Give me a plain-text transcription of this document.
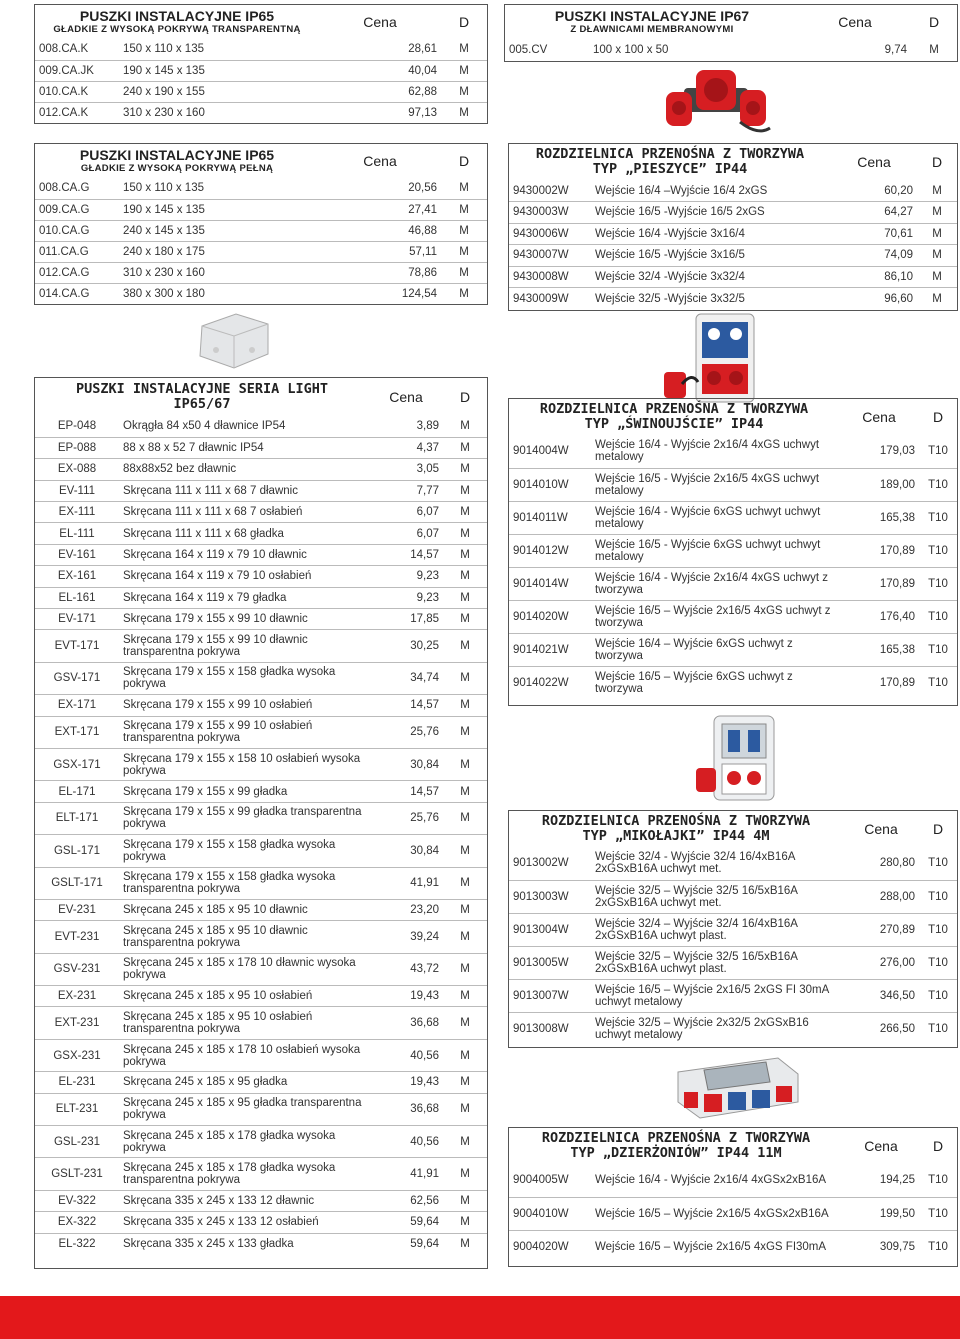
PUSZKI INSTALACYJNE IP65
GŁADKIE Z WYSOKĄ POKRYWĄ TRANSPARENTNĄ		Cena	D
008.CA.K	150 x 110 x 135	28,61	M
009.CA.JK	190 x 145 x 135	40,04	M
010.CA.K	240 x 190 x 155	62,88	M
012.CA.K	310 x 230 x 160	97,13	M
PUSZKI INSTALACYJNE IP67
Z DŁAWNICAMI MEMBRANOWYMI		Cena	D
005.CV	100 x 100 x 50	9,74	M
PUSZKI INSTALACYJNE IP65
GŁADKIE Z WYSOKĄ POKRYWĄ PEŁNĄ		Cena	D
008.CA.G	150 x 110 x 135	20,56	M
009.CA.G	190 x 145 x 135	27,41	M
010.CA.G	240 x 145 x 135	46,88	M
011.CA.G	240 x 180 x 175	57,11	M
012.CA.G	310 x 230 x 160	78,86	M
014.CA.G	380 x 300 x 180	124,54	M
ROZDZIELNICA PRZENOŚNA Z TWORZYWA
TYP „PIESZYCE” IP44		Cena	D
9430002W	Wejście 16/4 –Wyjście 16/4 2xGS	60,20	M
9430003W	Wejście 16/5 -Wyjście 16/5 2xGS	64,27	M
9430006W	Wejście 16/4 -Wyjście 3x16/4	70,61	M
9430007W	Wejście 16/5 -Wyjście 3x16/5	74,09	M
9430008W	Wejście 32/4 -Wyjście 3x32/4	86,10	M
9430009W	Wejście 32/5 -Wyjście 3x32/5	96,60	M
PUSZKI INSTALACYJNE SERIA LIGHT
IP65/67		Cena	D
EP-048	Okrągła 84 x50 4 dławnice IP54	3,89	M
EP-088	88 x 88 x 52 7 dławnic IP54	4,37	M
EX-088	88x88x52 bez dławnic	3,05	M
EV-111	Skręcana 111 x 111 x 68 7 dławnic	7,77	M
EX-111	Skręcana 111 x 111 x 68 7 osłabień	6,07	M
EL-111	Skręcana 111 x 111 x 68 gładka	6,07	M
EV-161	Skręcana 164 x 119 x 79 10 dławnic	14,57	M
EX-161	Skręcana 164 x 119 x 79 10 osłabień	9,23	M
EL-161	Skręcana 164 x 119 x 79 gładka	9,23	M
EV-171	Skręcana 179 x 155 x 99 10 dławnic	17,85	M
EVT-171	Skręcana 179 x 155 x 99 10 dławnic transparentna pokrywa	30,25	M
GSV-171	Skręcana 179 x 155 x 158 gładka wysoka pokrywa	34,74	M
EX-171	Skręcana 179 x 155 x 99 10 osłabień	14,57	M
EXT-171	Skręcana 179 x 155 x 99 10 osłabień transparentna pokrywa	25,76	M
GSX-171	Skręcana 179 x 155 x 158 10 osłabień wysoka pokrywa	30,84	M
EL-171	Skręcana 179 x 155 x 99 gładka	14,57	M
ELT-171	Skręcana 179 x 155 x 99 gładka transparentna pokrywa	25,76	M
GSL-171	Skręcana 179 x 155 x 158 gładka wysoka pokrywa	30,84	M
GSLT-171	Skręcana 179 x 155 x 158 gładka wysoka transparentna pokrywa	41,91	M
EV-231	Skręcana 245 x 185 x 95 10 dławnic	23,20	M
EVT-231	Skręcana 245 x 185 x 95 10 dławnic transparentna pokrywa	39,24	M
GSV-231	Skręcana 245 x 185 x 178 10 dławnic wysoka pokrywa	43,72	M
EX-231	Skręcana 245 x 185 x 95 10 osłabień	19,43	M
EXT-231	Skręcana 245 x 185 x 95 10 osłabień transparentna pokrywa	36,68	M
GSX-231	Skręcana 245 x 185 x 178 10 osłabień wysoka pokrywa	40,56	M
EL-231	Skręcana 245 x 185 x 95 gładka	19,43	M
ELT-231	Skręcana 245 x 185 x 95 gładka transparentna pokrywa	36,68	M
GSL-231	Skręcana 245 x 185 x 178 gładka wysoka pokrywa	40,56	M
GSLT-231	Skręcana 245 x 185 x 178 gładka wysoka transparentna pokrywa	41,91	M
EV-322	Skręcana 335 x 245 x 133 12 dławnic	62,56	M
EX-322	Skręcana 335 x 245 x 133 12 osłabień	59,64	M
EL-322	Skręcana 335 x 245 x 133 gładka	59,64	M
ROZDZIELNICA PRZENOŚNA Z TWORZYWA
TYP „ŚWINOUJŚCIE” IP44		Cena	D
9014004W	Wejście 16/4 - Wyjście 2x16/4 4xGS uchwyt metalowy	179,03	T10
9014010W	Wejście 16/5 - Wyjście 2x16/5 4xGS uchwyt metalowy	189,00	T10
9014011W	Wejście 16/4 - Wyjście 6xGS uchwyt uchwyt metalowy	165,38	T10
9014012W	Wejście 16/5 - Wyjście 6xGS uchwyt uchwyt metalowy	170,89	T10
9014014W	Wejście 16/4 - Wyjście 2x16/4 4xGS uchwyt z tworzywa	170,89	T10
9014020W	Wejście 16/5 – Wyjście 2x16/5 4xGS uchwyt z tworzywa	176,40	T10
9014021W	Wejście 16/4 – Wyjście 6xGS uchwyt z tworzywa	165,38	T10
9014022W	Wejście 16/5 – Wyjście 6xGS uchwyt z tworzywa	170,89	T10
ROZDZIELNICA PRZENOŚNA Z TWORZYWA
TYP „MIKOŁAJKI” IP44 4M		Cena	D
9013002W	Wejście 32/4 - Wyjście 32/4 16/4xB16A 2xGSxB16A uchwyt met.	280,80	T10
9013003W	Wejście 32/5 – Wyjście 32/5 16/5xB16A 2xGSxB16A uchwyt met.	288,00	T10
9013004W	Wejście 32/4 – Wyjście 32/4 16/4xB16A 2xGSxB16A uchwyt plast.	270,89	T10
9013005W	Wejście 32/5 – Wyjście 32/5 16/5xB16A 2xGSxB16A uchwyt plast.	276,00	T10
9013007W	Wejście 16/5 – Wyjście 2x16/5 2xGS FI 30mA uchwyt metalowy	346,50	T10
9013008W	Wejście 32/5 – Wyjście 2x32/5 2xGSxB16 uchwyt metalowy	266,50	T10
ROZDZIELNICA PRZENOŚNA Z TWORZYWA
TYP „DZIERŻONIÓW” IP44 11M		Cena	D
9004005W	Wejście 16/4 - Wyjście 2x16/4 4xGSx2xB16A	194,25	T10
9004010W	Wejście 16/5 – Wyjście 2x16/5 4xGSx2xB16A	199,50	T10
9004020W	Wejście 16/5 – Wyjście 2x16/5 4xGS FI30mA	309,75	T10
